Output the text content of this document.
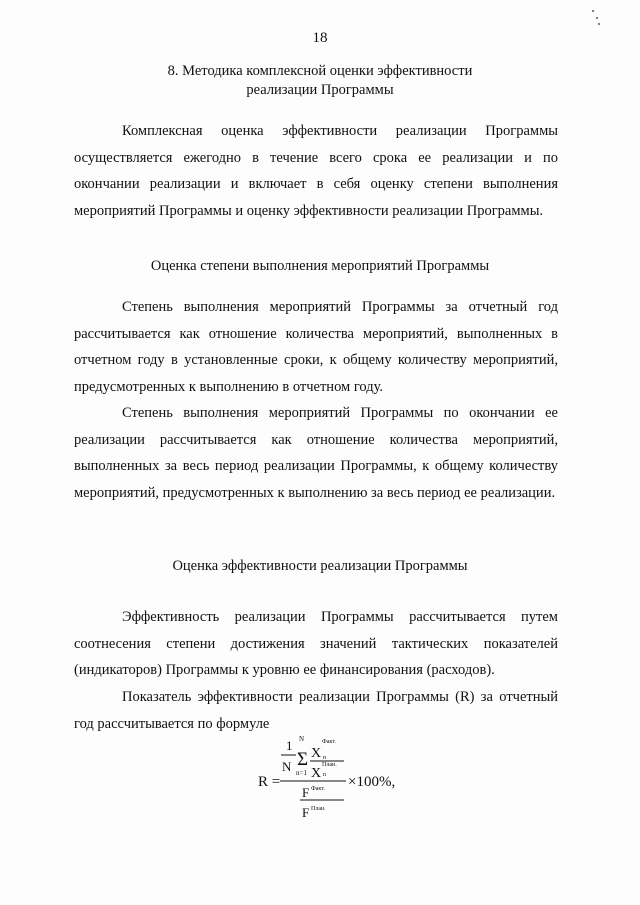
18
8. Методика комплексной оценки эффективности
реализации Программы

Комплексная оценка эффективности реализации Программы осуществляется ежегодно в течение всего срока ее реализации и по окончании реализации и включает в себя оценку степени выполнения мероприятий Программы и оценку эффективности реализации Программы.

Оценка степени выполнения мероприятий Программы

Степень выполнения мероприятий Программы за отчетный год рассчитывается как отношение количества мероприятий, выполненных в отчетном году в установленные сроки, к общему количеству мероприятий, предусмотренных к выполнению в отчетном году.

Степень выполнения мероприятий Программы по окончании ее реализации рассчитывается как отношение количества мероприятий, выполненных за весь период реализации Программы, к общему количеству мероприятий, предусмотренных к выполнению за весь период ее реализации.

Оценка эффективности реализации Программы

Эффективность реализации Программы рассчитывается путем соотнесения степени достижения значений тактических показателей (индикаторов) Программы к уровню ее финансирования (расходов).

Показатель эффективности реализации Программы (R) за отчетный год рассчитывается по формуле

1
N
N
Σ
n=1
X
Факт.
n
X
План.
n
R =	×100%,
F Факт.
F План.
